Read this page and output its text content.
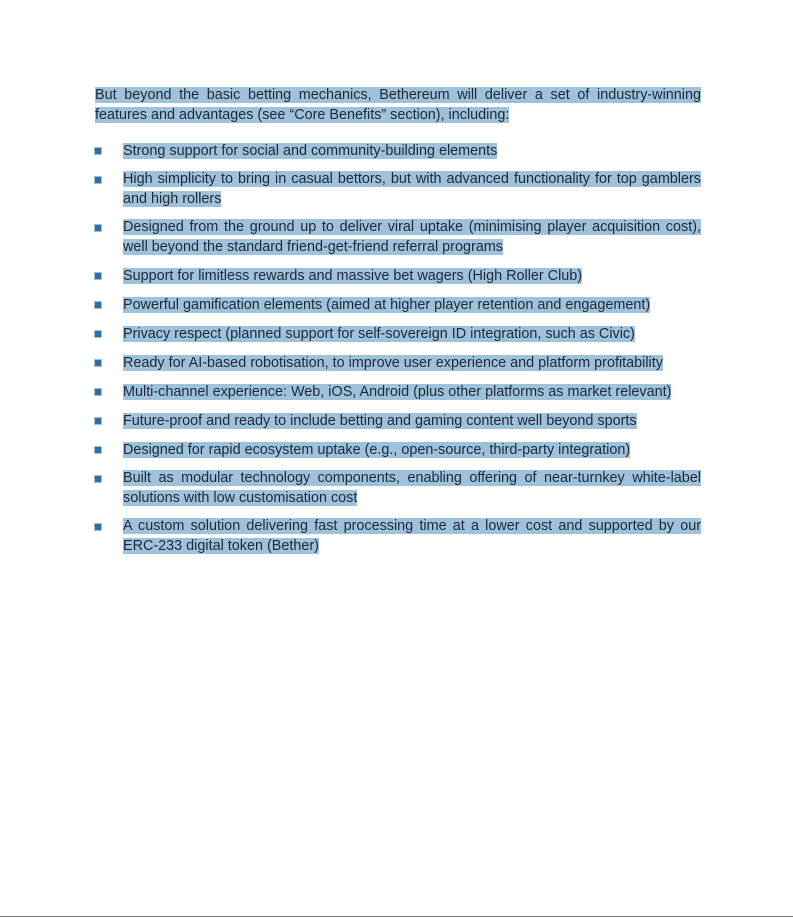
But beyond the basic betting mechanics, Bethereum will deliver a set of industry-winning features and advantages (see “Core Benefits” section), including:

Strong support for social and community-building elements
High simplicity to bring in casual bettors, but with advanced functionality for top gamblers and high rollers
Designed from the ground up to deliver viral uptake (minimising player acquisition cost), well beyond the standard friend-get-friend referral programs
Support for limitless rewards and massive bet wagers (High Roller Club)
Powerful gamification elements (aimed at higher player retention and engagement)
Privacy respect (planned support for self-sovereign ID integration, such as Civic)
Ready for AI-based robotisation, to improve user experience and platform profitability
Multi-channel experience: Web, iOS, Android (plus other platforms as market relevant)
Future-proof and ready to include betting and gaming content well beyond sports
Designed for rapid ecosystem uptake (e.g., open-source, third-party integration)
Built as modular technology components, enabling offering of near-turnkey white-label solutions with low customisation cost
A custom solution delivering fast processing time at a lower cost and supported by our ERC-233 digital token (Bether)
